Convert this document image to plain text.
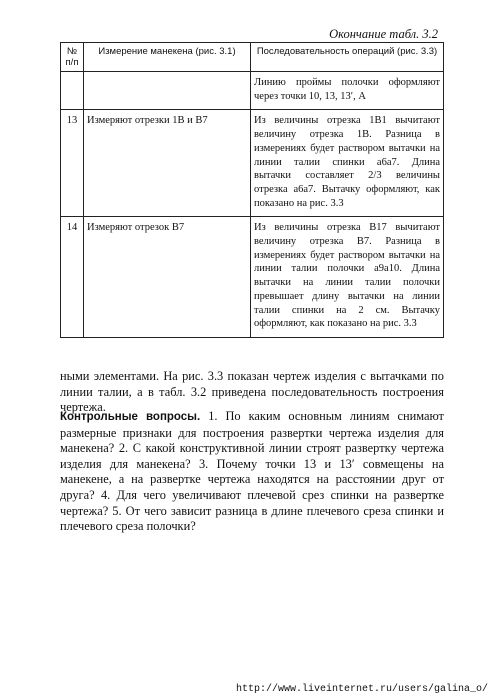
Окончание табл. 3.2
№ п/п	Измерение манекена (рис. 3.1)	Последовательность операций (рис. 3.3)
		Линию проймы полочки оформляют через точки 10, 13, 13′, А
13	Измеряют отрезки 1В и В7	Из величины отрезка 1В1 вычитают величину отрезка 1В. Разница в измерениях будет раствором вытачки на линии талии спинки а6а7. Длина вытачки составляет 2/3 величины отрезка а6а7. Вытачку оформляют, как показано на рис. 3.3
14	Измеряют отрезок В7	Из величины отрезка В17 вычитают величину отрезка В7. Разница в измерениях будет раствором вытачки на линии талии полочки а9а10. Длина вытачки на линии талии полочки превышает длину вытачки на линии талии спинки на 2 см. Вытачку оформляют, как показано на рис. 3.3
ными элементами. На рис. 3.3 показан чертеж изделия с вытачками по линии талии, а в табл. 3.2 приведена последовательность построения чертежа.
Контрольные вопросы. 1. По каким основным линиям снимают размерные признаки для построения развертки чертежа изделия для манекена? 2. С какой конструктивной линии строят развертку чертежа изделия для манекена? 3. Почему точки 13 и 13′ совмещены на манекене, а на развертке чертежа находятся на расстоянии друг от друга? 4. Для чего увеличивают плечевой срез спинки на развертке чертежа? 5. От чего зависит разница в длине плечевого среза спинки и плечевого среза полочки?
http://www.liveinternet.ru/users/galina_o/
